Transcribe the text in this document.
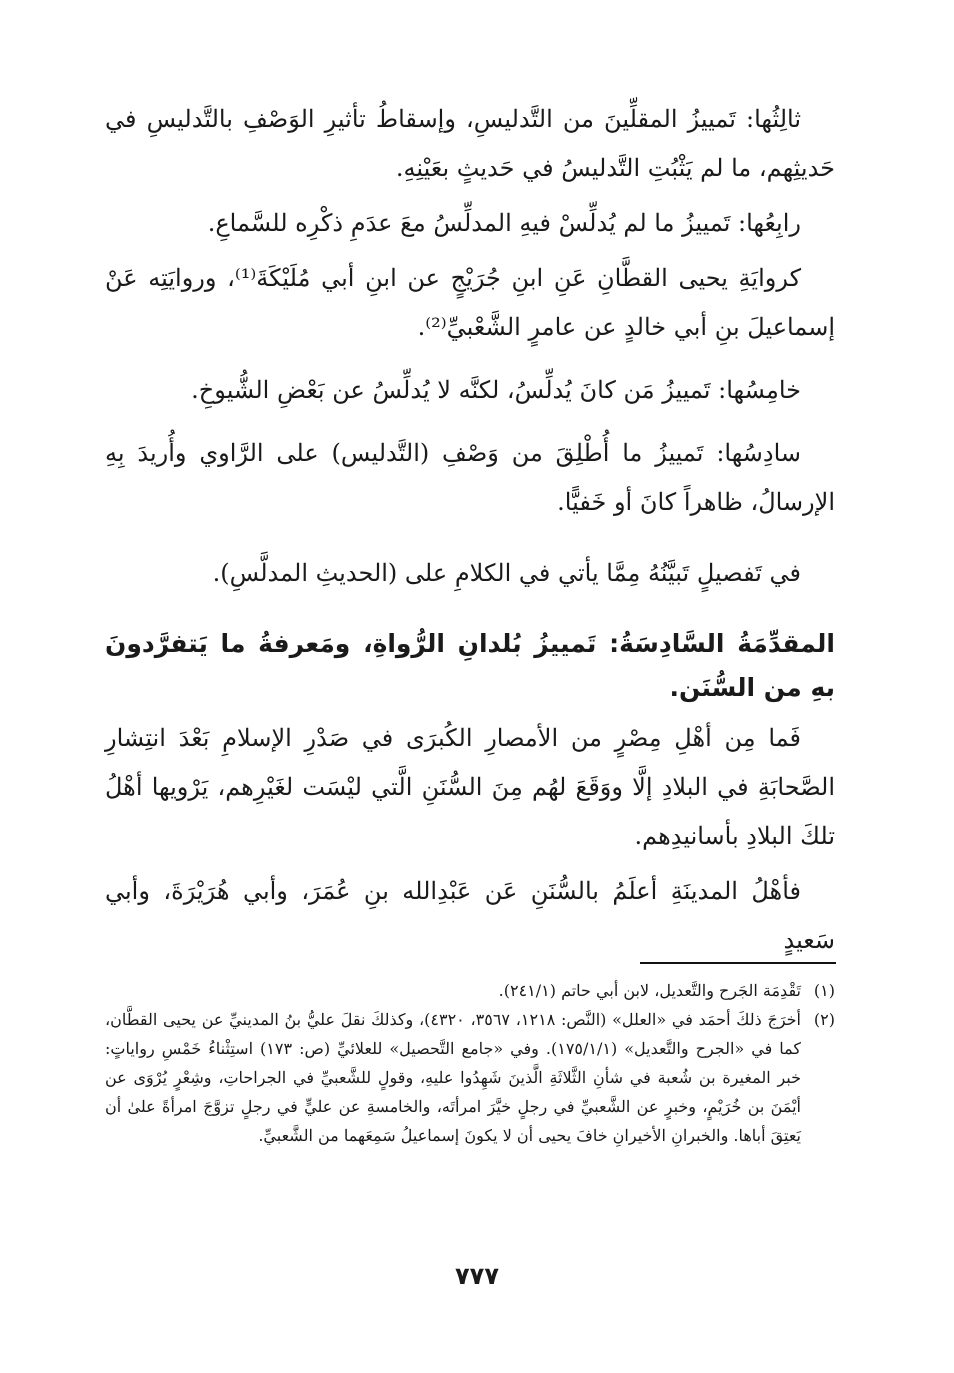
ثالِثُها: تَمييزُ المقلِّينَ من التَّدليسِ، وإسقاطُ تأثيرِ الوَصْفِ بالتَّدليسِ في حَديثِهم، ما لم يَثْبُتِ التَّدليسُ في حَديثٍ بعَيْنِهِ.

رابِعُها: تَمييزُ ما لم يُدلِّسْ فيهِ المدلِّسُ معَ عدَمِ ذكْرِه للسَّماعِ.

كروايَةِ يحيى القطَّانِ عَنِ ابنِ جُرَيْجٍ عن ابنِ أبي مُلَيْكَةَ⁽¹⁾، وروايَتِه عَنْ إسماعيلَ بنِ أبي خالدٍ عن عامرٍ الشَّعْبيِّ⁽²⁾.

خامِسُها: تَمييزُ مَن كانَ يُدلِّسُ، لكنَّه لا يُدلِّسُ عن بَعْضِ الشُّيوخِ.

سادِسُها: تَمييزُ ما أُطْلِقَ من وَصْفِ (التَّدليس) على الرَّاوي وأُريدَ بِهِ الإرسالُ، ظاهراً كانَ أو خَفيًّا.

في تَفصيلٍ تَبيَّنُهُ مِمَّا يأتي في الكلامِ على (الحديثِ المدلَّسِ).

المقدِّمَةُ السَّادِسَةُ: تَمييزُ بُلدانِ الرُّواةِ، ومَعرفةُ ما يَتفرَّدونَ بهِ من السُّنَن.

فَما مِن أهْلِ مِصْرٍ من الأمصارِ الكُبرَى في صَدْرِ الإسلامِ بَعْدَ انتِشارِ الصَّحابَةِ في البلادِ إلَّا ووَقَعَ لهُم مِنَ السُّنَنِ الَّتي ليْسَت لغَيْرِهم، يَرْويها أهْلُ تلكَ البلادِ بأسانيدِهم.

فأهْلُ المدينَةِ أعلَمُ بالسُّنَنِ عَن عَبْدِالله بنِ عُمَرَ، وأبي هُرَيْرَةَ، وأبي سَعيدٍ

(١)
تَقْدِمَة الجَرح والتَّعديل، لابن أبي حاتم (٢٤١/١).
(٢)
أخرَجَ ذلكَ أحمَد في «العلل» (النَّص: ١٢١٨، ٣٥٦٧، ٤٣٢٠)، وكذلكَ نقلَ عليُّ بنُ المدينيِّ عن يحيى القطَّان، كما في «الجرح والتَّعديل» (١٧٥/١/١). وفي «جامع التَّحصيل» للعلائيِّ (ص: ١٧٣) استِثْناءُ خَمْسِ رواياتٍ: خبر المغيرة بن شُعبة في شأنِ الثَّلاثَةِ الَّذينَ شَهِدُوا عليهِ، وقولٍ للشَّعبيِّ في الجراحاتِ، وشِعْرٍ يُرْوَى عن أيْمَنَ بن خُرَيْمٍ، وخبرٍ عن الشَّعبيِّ في رجلٍ خيَّرَ امرأتَه، والخامسةِ عن عليٍّ في رجلٍ تزوَّجَ امرأةً علىٰ أن يَعتِقَ أباها. والخبرانِ الأخيرانِ خافَ يحيى أن لا يكونَ إسماعيلُ سَمِعَهما من الشَّعبيِّ.
٧٧٧
